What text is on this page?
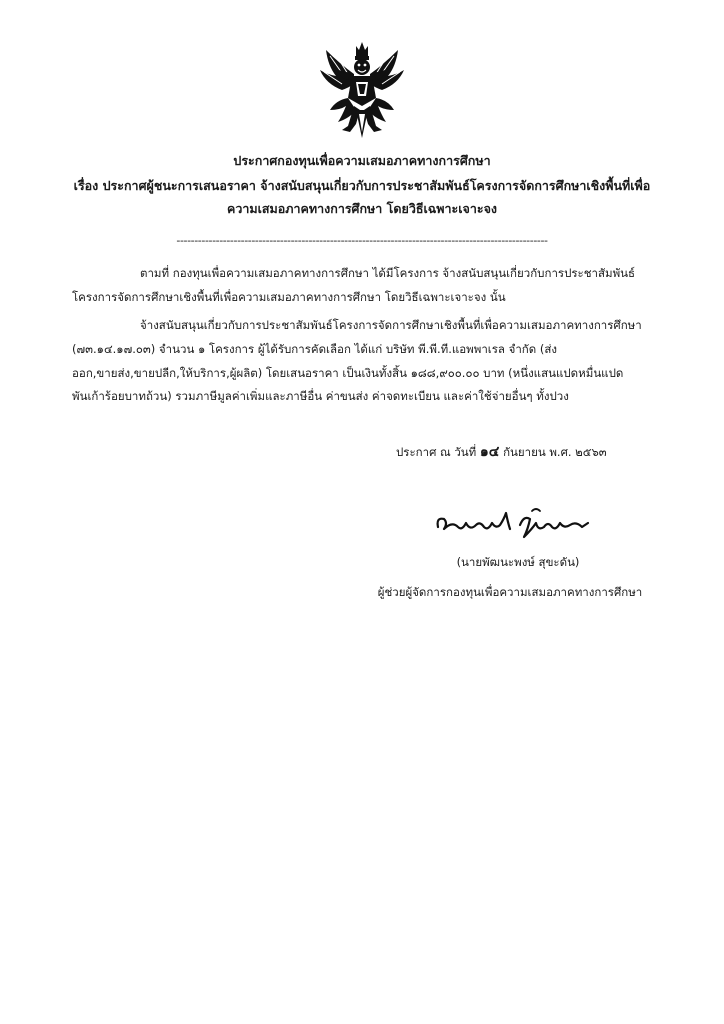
ประกาศกองทุนเพื่อความเสมอภาคทางการศึกษา
เรื่อง ประกาศผู้ชนะการเสนอราคา จ้างสนับสนุนเกี่ยวกับการประชาสัมพันธ์โครงการจัดการศึกษาเชิงพื้นที่เพื่อ
ความเสมอภาคทางการศึกษา โดยวิธีเฉพาะเจาะจง
--------------------------------------------------------------------------------------------------------
ตามที่ กองทุนเพื่อความเสมอภาคทางการศึกษา ได้มีโครงการ จ้างสนับสนุนเกี่ยวกับการประชาสัมพันธ์
โครงการจัดการศึกษาเชิงพื้นที่เพื่อความเสมอภาคทางการศึกษา โดยวิธีเฉพาะเจาะจง นั้น
จ้างสนับสนุนเกี่ยวกับการประชาสัมพันธ์โครงการจัดการศึกษาเชิงพื้นที่เพื่อความเสมอภาคทางการศึกษา
(๗๓.๑๔.๑๗.๐๓) จำนวน ๑ โครงการ ผู้ได้รับการคัดเลือก ได้แก่ บริษัท พี.พี.ที.แอพพาเรล จำกัด (ส่ง
ออก,ขายส่ง,ขายปลีก,ให้บริการ,ผู้ผลิต) โดยเสนอราคา เป็นเงินทั้งสิ้น ๑๘๘,๙๐๐.๐๐ บาท (หนึ่งแสนแปดหมื่นแปด
พันเก้าร้อยบาทถ้วน) รวมภาษีมูลค่าเพิ่มและภาษีอื่น ค่าขนส่ง ค่าจดทะเบียน และค่าใช้จ่ายอื่นๆ ทั้งปวง
ประกาศ ณ วันที่ ๑๔ กันยายน พ.ศ. ๒๕๖๓
(นายพัฒนะพงษ์ สุขะดัน)
ผู้ช่วยผู้จัดการกองทุนเพื่อความเสมอภาคทางการศึกษา
